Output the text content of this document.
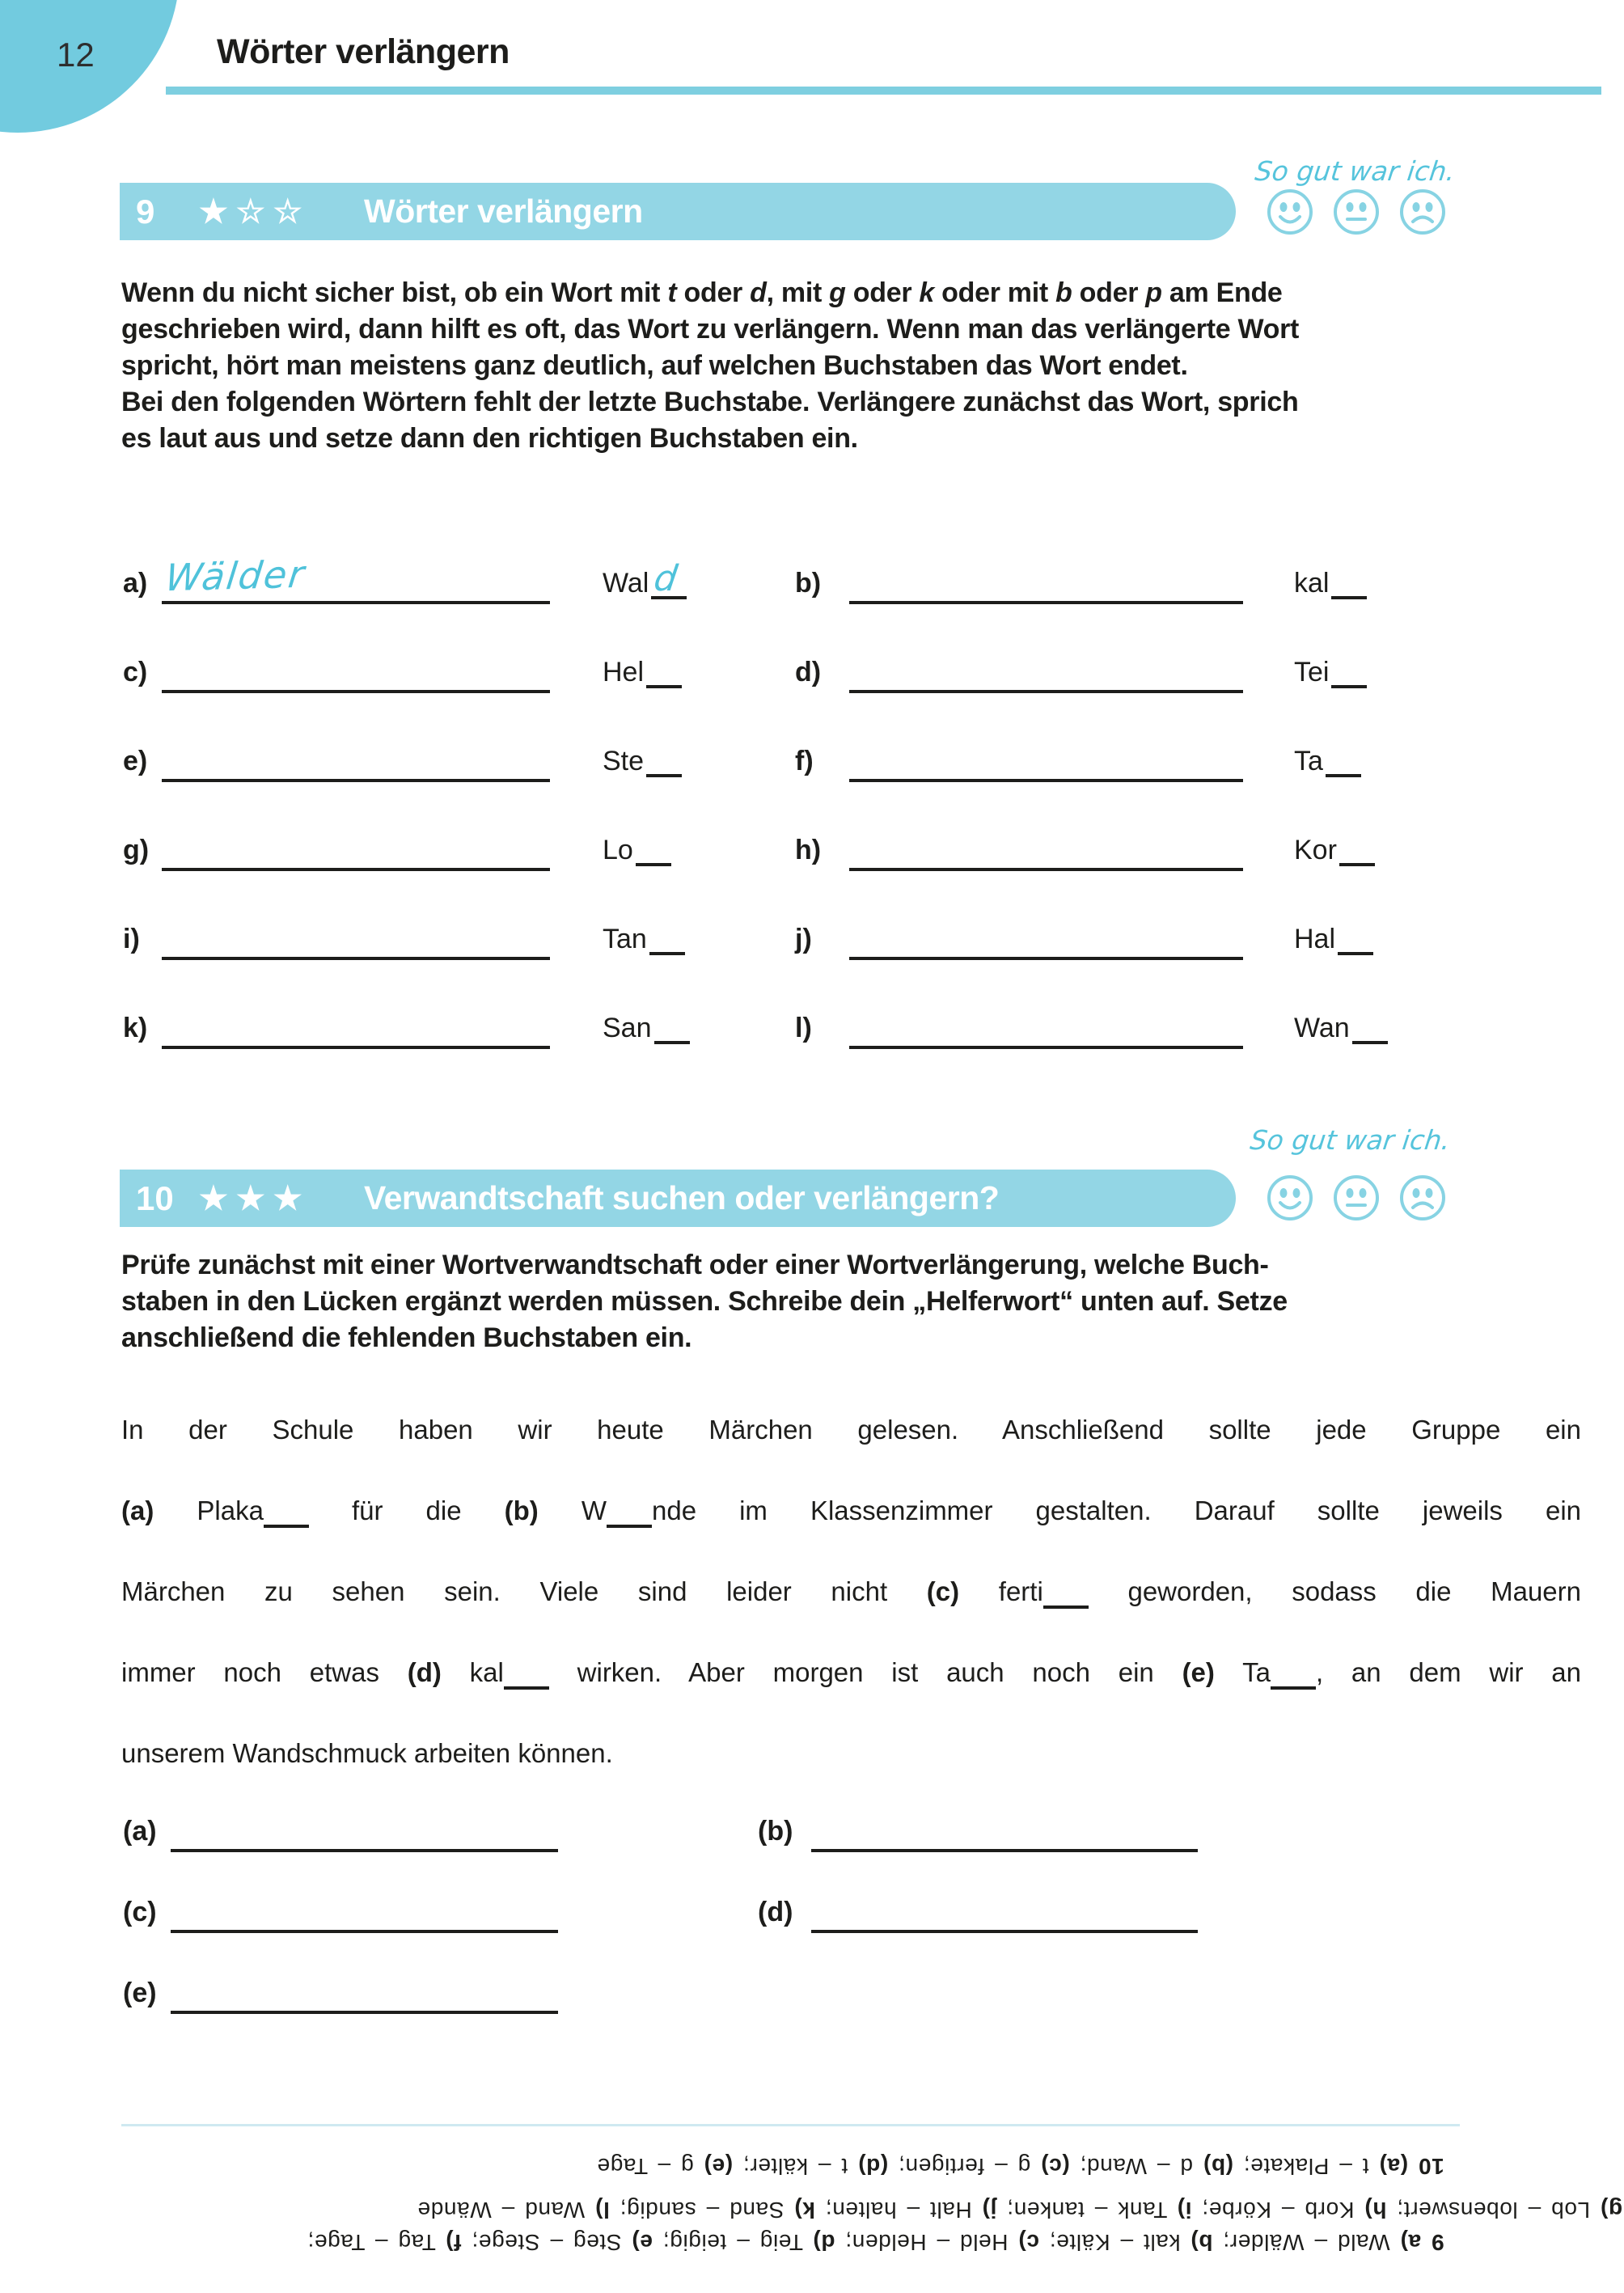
12	Wörter verlängern
So gut war ich.
9	★☆☆	Wörter verlängern
Wenn du nicht sicher bist, ob ein Wort mit t oder d, mit g oder k oder mit b oder p am Ende
geschrieben wird, dann hilft es oft, das Wort zu verlängern. Wenn man das verlängerte Wort
spricht, hört man meistens ganz deutlich, auf welchen Buchstaben das Wort endet.
Bei den folgenden Wörtern fehlt der letzte Buchstabe. Verlängere zunächst das Wort, sprich
es laut aus und setze dann den richtigen Buchstaben ein.
a) Wälder	Wal d	b)	kal
c)	Hel	d)	Tei
e)	Ste	f)	Ta
g)	Lo	h)	Kor
i)	Tan	j)	Hal
k)	San	l)	Wan
So gut war ich.
10 ★★★	Verwandtschaft suchen oder verlängern?
Prüfe zunächst mit einer Wortverwandtschaft oder einer Wortverlängerung, welche Buch-
staben in den Lücken ergänzt werden müssen. Schreibe dein „Helferwort“ unten auf. Setze
anschließend die fehlenden Buchstaben ein.
In der Schule haben wir heute Märchen gelesen. Anschließend sollte jede Gruppe ein
(a) Plaka für die (b) W nde im Klassenzimmer gestalten. Darauf sollte jeweils ein
Märchen zu sehen sein. Viele sind leider nicht (c) ferti geworden, sodass die Mauern
immer noch etwas (d) kal wirken. Aber morgen ist auch noch ein (e) Ta , an dem wir an
unserem Wandschmuck arbeiten können.
(a)	(b)
(c)	(d)
(e)
10 (a) t – Plakate; (b) d – Wand; (c) g – fertigen; (d) t – kälter; (e) g – Tage
g) Lob – lobenswert; h) Korb – Körbe; i) Tank – tanken; j) Halt – halten; k) Sand – sandig; l) Wand – Wände
9 a) Wald – Wälder; b) kalt – Kälte; c) Held – Helden; d) Teig – teigig; e) Steg – Stege; f) Tag – Tage;
